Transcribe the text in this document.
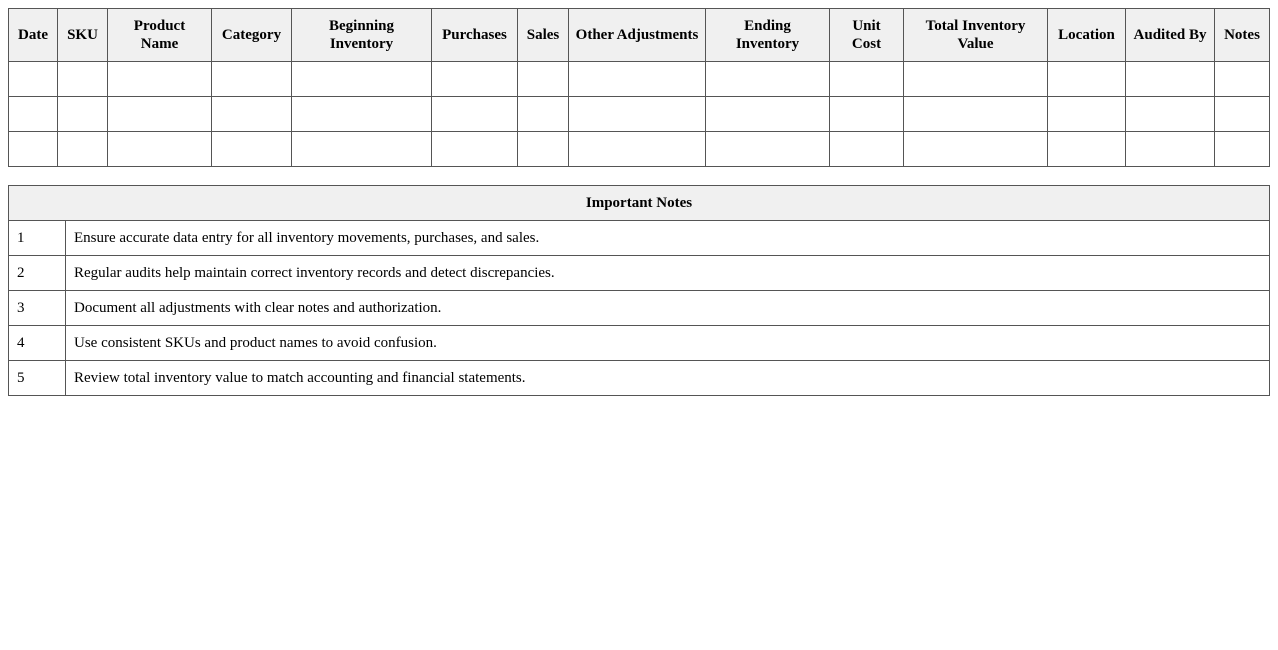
Date	SKU	Product Name	Category	Beginning Inventory	Purchases	Sales	Other Adjustments	Ending Inventory	Unit Cost	Total Inventory Value	Location	Audited By	Notes

Important Notes	
1	Ensure accurate data entry for all inventory movements, purchases, and sales.
2	Regular audits help maintain correct inventory records and detect discrepancies.
3	Document all adjustments with clear notes and authorization.
4	Use consistent SKUs and product names to avoid confusion.
5	Review total inventory value to match accounting and financial statements.
